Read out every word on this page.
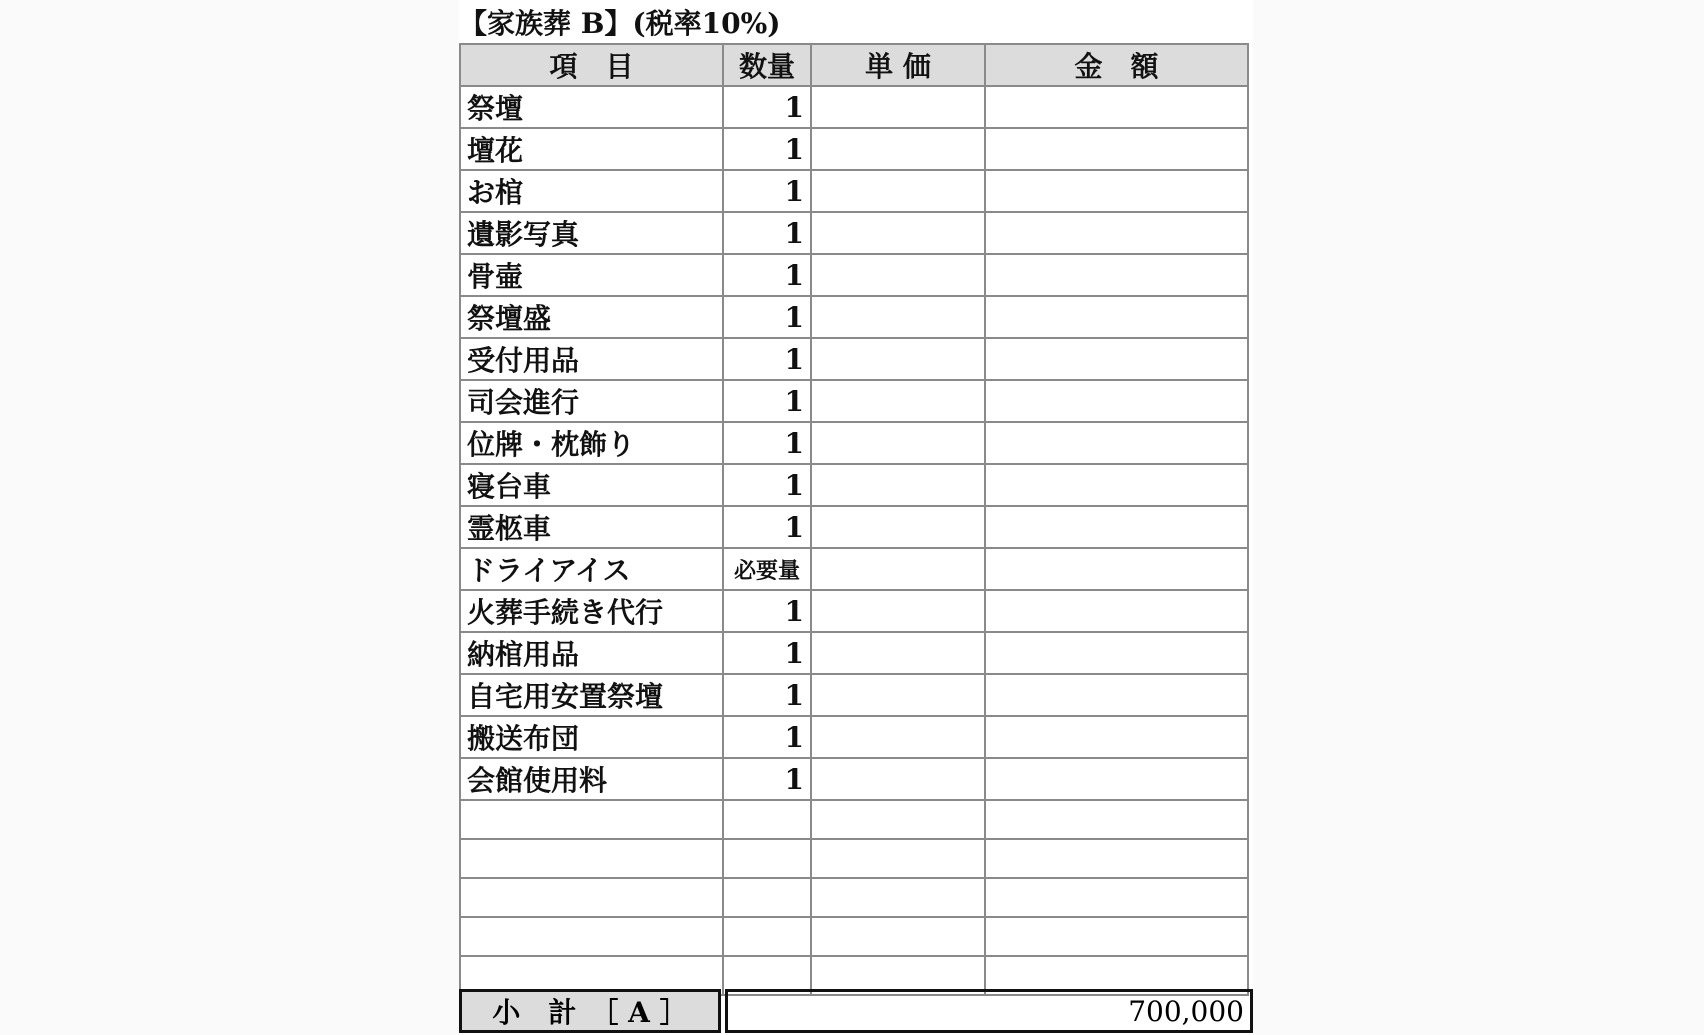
【家族葬 B】(税率10%)
項　目	数量	単 価	金　額
祭壇	1		
壇花	1		
お棺	1		
遺影写真	1		
骨壷	1		
祭壇盛	1		
受付用品	1		
司会進行	1		
位牌・枕飾り	1		
寝台車	1		
霊柩車	1		
ドライアイス	必要量		
火葬手続き代行	1		
納棺用品	1		
自宅用安置祭壇	1		
搬送布団	1		
会館使用料	1		

小　計　［ A ］	700,000
